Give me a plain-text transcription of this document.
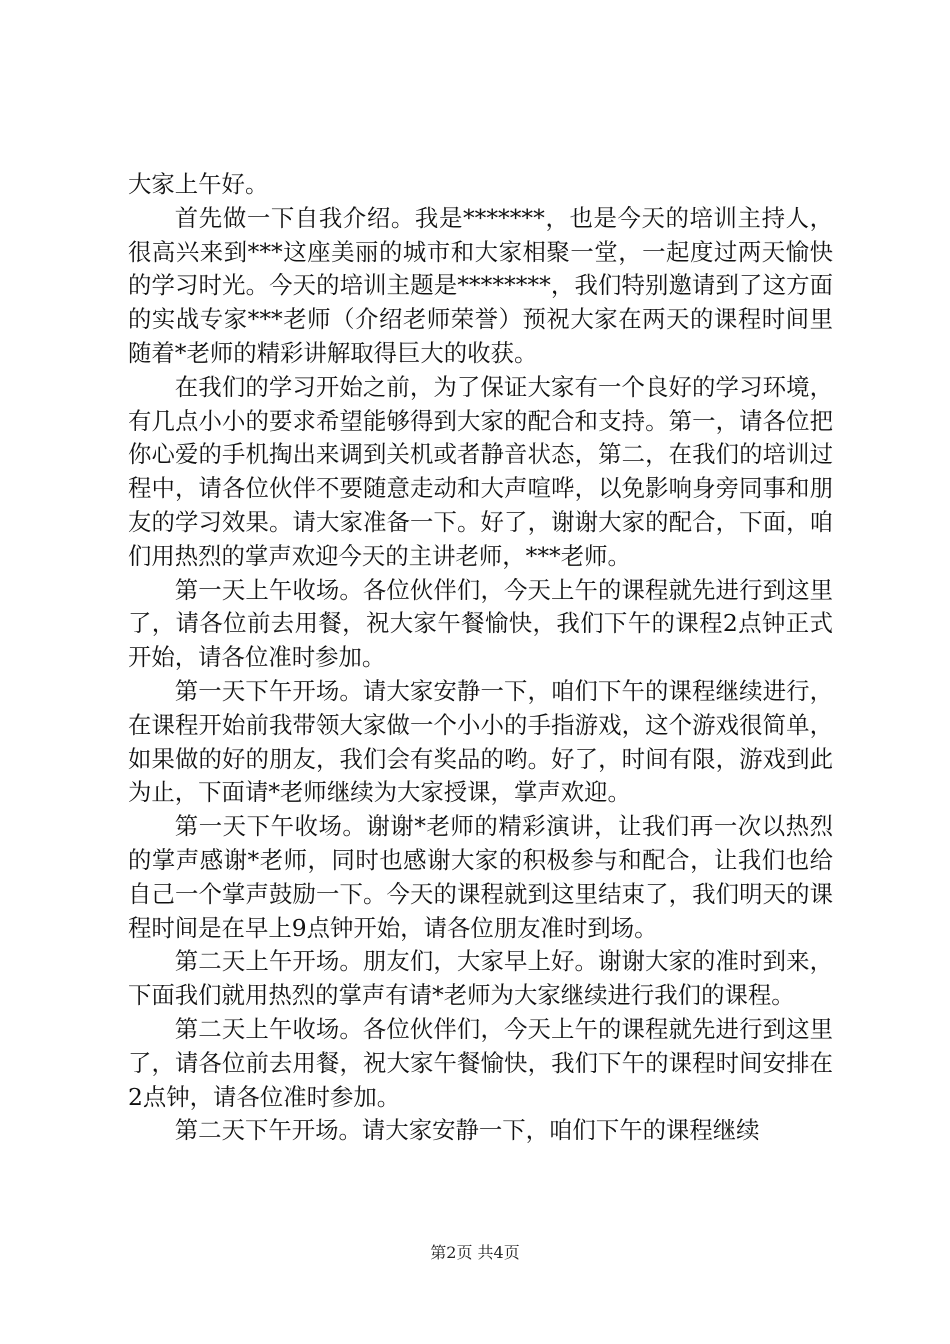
大家上午好。

首先做一下自我介绍。我是*******，也是今天的培训主持人，很高兴来到***这座美丽的城市和大家相聚一堂，一起度过两天愉快的学习时光。今天的培训主题是********，我们特别邀请到了这方面的实战专家***老师（介绍老师荣誉）预祝大家在两天的课程时间里随着*老师的精彩讲解取得巨大的收获。

在我们的学习开始之前，为了保证大家有一个良好的学习环境，有几点小小的要求希望能够得到大家的配合和支持。第一，请各位把你心爱的手机掏出来调到关机或者静音状态，第二，在我们的培训过程中，请各位伙伴不要随意走动和大声喧哗，以免影响身旁同事和朋友的学习效果。请大家准备一下。好了，谢谢大家的配合，下面，咱们用热烈的掌声欢迎今天的主讲老师，***老师。

第一天上午收场。各位伙伴们，今天上午的课程就先进行到这里了，请各位前去用餐，祝大家午餐愉快，我们下午的课程2点钟正式开始，请各位准时参加。

第一天下午开场。请大家安静一下，咱们下午的课程继续进行，在课程开始前我带领大家做一个小小的手指游戏，这个游戏很简单，如果做的好的朋友，我们会有奖品的哟。好了，时间有限，游戏到此为止，下面请*老师继续为大家授课，掌声欢迎。

第一天下午收场。谢谢*老师的精彩演讲，让我们再一次以热烈的掌声感谢*老师，同时也感谢大家的积极参与和配合，让我们也给自己一个掌声鼓励一下。今天的课程就到这里结束了，我们明天的课程时间是在早上9点钟开始，请各位朋友准时到场。

第二天上午开场。朋友们，大家早上好。谢谢大家的准时到来，下面我们就用热烈的掌声有请*老师为大家继续进行我们的课程。

第二天上午收场。各位伙伴们，今天上午的课程就先进行到这里了，请各位前去用餐，祝大家午餐愉快，我们下午的课程时间安排在2点钟，请各位准时参加。

第二天下午开场。请大家安静一下，咱们下午的课程继续

第2页 共4页
